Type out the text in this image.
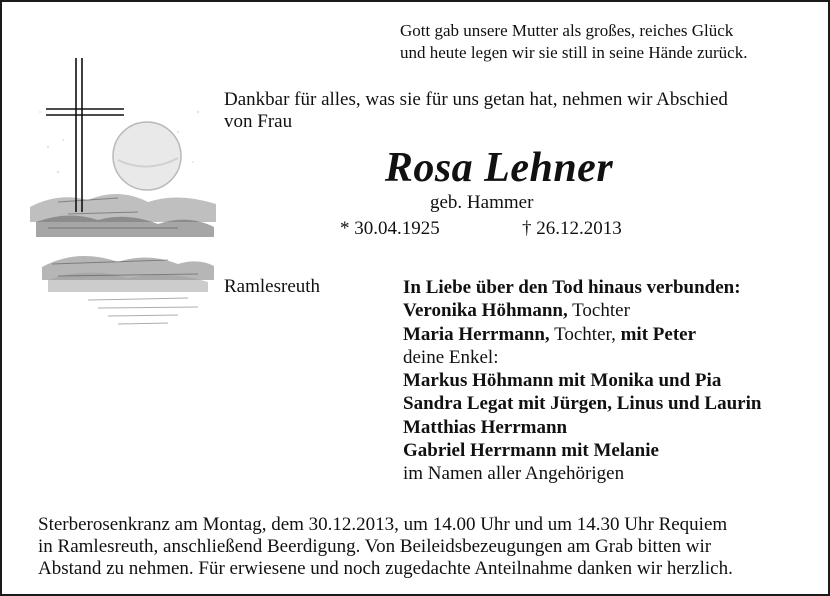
Gott gab unsere Mutter als großes, reiches Glück
und heute legen wir sie still in seine Hände zurück.
Dankbar für alles, was sie für uns getan hat, nehmen wir Abschied
von Frau
Rosa Lehner
geb. Hammer
* 30.04.1925	† 26.12.2013
Ramlesreuth	In Liebe über den Tod hinaus verbunden:
Veronika Höhmann, Tochter
Maria Herrmann, Tochter, mit Peter
deine Enkel:
Markus Höhmann mit Monika und Pia
Sandra Legat mit Jürgen, Linus und Laurin
Matthias Herrmann
Gabriel Herrmann mit Melanie
im Namen aller Angehörigen
Sterberosenkranz am Montag, dem 30.12.2013, um 14.00 Uhr und um 14.30 Uhr Requiem
in Ramlesreuth, anschließend Beerdigung. Von Beileidsbezeugungen am Grab bitten wir
Abstand zu nehmen. Für erwiesene und noch zugedachte Anteilnahme danken wir herzlich.
